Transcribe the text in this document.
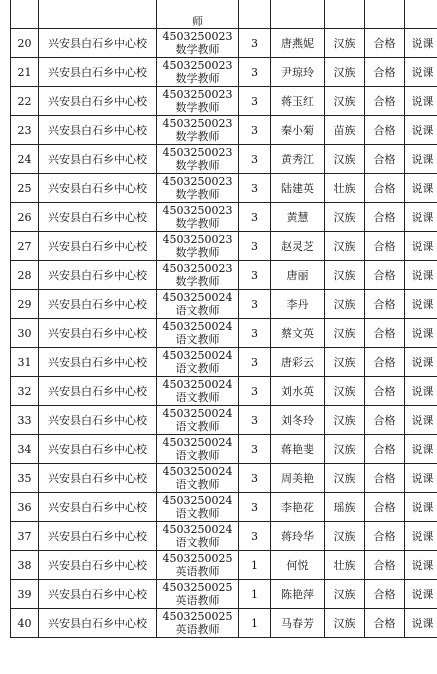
		师					
20	兴安县白石乡中心校	4503250023
数学教师	3	唐燕妮	汉族	合格	说课
21	兴安县白石乡中心校	4503250023
数学教师	3	尹琼玲	汉族	合格	说课
22	兴安县白石乡中心校	4503250023
数学教师	3	蒋玉红	汉族	合格	说课
23	兴安县白石乡中心校	4503250023
数学教师	3	秦小菊	苗族	合格	说课
24	兴安县白石乡中心校	4503250023
数学教师	3	黄秀江	汉族	合格	说课
25	兴安县白石乡中心校	4503250023
数学教师	3	陆建英	壮族	合格	说课
26	兴安县白石乡中心校	4503250023
数学教师	3	黄慧	汉族	合格	说课
27	兴安县白石乡中心校	4503250023
数学教师	3	赵灵芝	汉族	合格	说课
28	兴安县白石乡中心校	4503250023
数学教师	3	唐丽	汉族	合格	说课
29	兴安县白石乡中心校	4503250024
语文教师	3	李丹	汉族	合格	说课
30	兴安县白石乡中心校	4503250024
语文教师	3	蔡文英	汉族	合格	说课
31	兴安县白石乡中心校	4503250024
语文教师	3	唐彩云	汉族	合格	说课
32	兴安县白石乡中心校	4503250024
语文教师	3	刘水英	汉族	合格	说课
33	兴安县白石乡中心校	4503250024
语文教师	3	刘冬玲	汉族	合格	说课
34	兴安县白石乡中心校	4503250024
语文教师	3	蒋艳斐	汉族	合格	说课
35	兴安县白石乡中心校	4503250024
语文教师	3	周美艳	汉族	合格	说课
36	兴安县白石乡中心校	4503250024
语文教师	3	李艳花	瑶族	合格	说课
37	兴安县白石乡中心校	4503250024
语文教师	3	蒋玲华	汉族	合格	说课
38	兴安县白石乡中心校	4503250025
英语教师	1	何悦	壮族	合格	说课
39	兴安县白石乡中心校	4503250025
英语教师	1	陈艳萍	汉族	合格	说课
40	兴安县白石乡中心校	4503250025
英语教师	1	马春芳	汉族	合格	说课
